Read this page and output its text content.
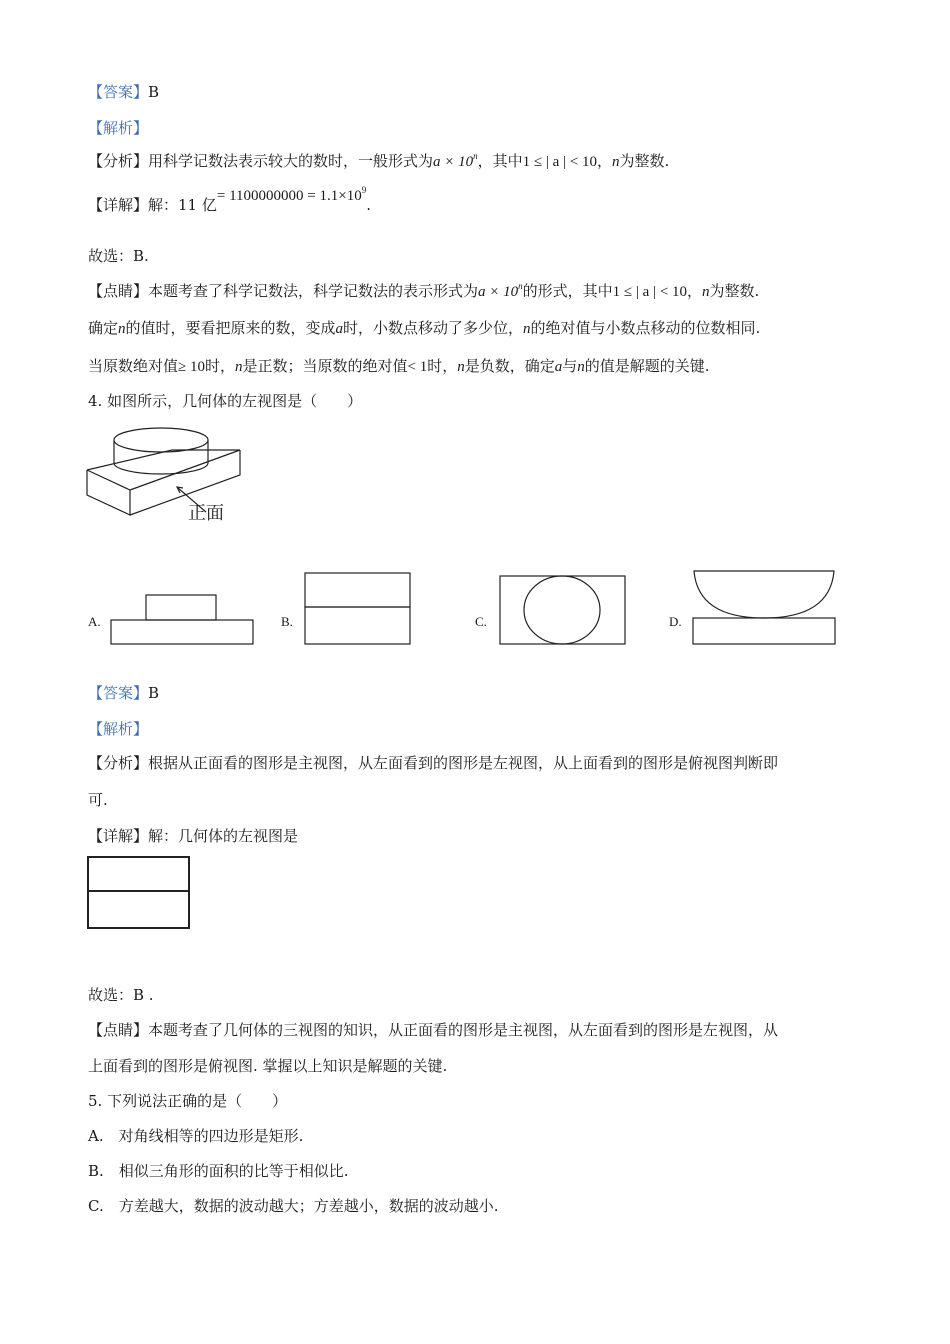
【答案】B
【解析】
【分析】用科学记数法表示较大的数时，一般形式为$a \times 10^n$，其中1 ≤ | a | < 10，n为整数.
【详解】解：11 亿= $1100000000 = 1.1\times 10^9$.
故选：B.
【点睛】本题考查了科学记数法，科学记数法的表示形式为$a \times 10^n$的形式，其中1 ≤ | a | < 10，n为整数.
确定n的值时，要看把原来的数，变成a时，小数点移动了多少位，n的绝对值与小数点移动的位数相同.
当原数绝对值≥ 10时，n是正数；当原数的绝对值< 1时，n是负数，确定a与n的值是解题的关键.
4. 如图所示，几何体的左视图是（　　）
正面
A.	B.	C.	D.
【答案】B
【解析】
【分析】根据从正面看的图形是主视图，从左面看到的图形是左视图，从上面看到的图形是俯视图判断即
可.
【详解】解：几何体的左视图是
故选：B .
【点睛】本题考查了几何体的三视图的知识，从正面看的图形是主视图，从左面看到的图形是左视图，从
上面看到的图形是俯视图. 掌握以上知识是解题的关键.
5. 下列说法正确的是（　　）
A.　对角线相等的四边形是矩形.
B.　相似三角形的面积的比等于相似比.
C.　方差越大，数据的波动越大；方差越小，数据的波动越小.
